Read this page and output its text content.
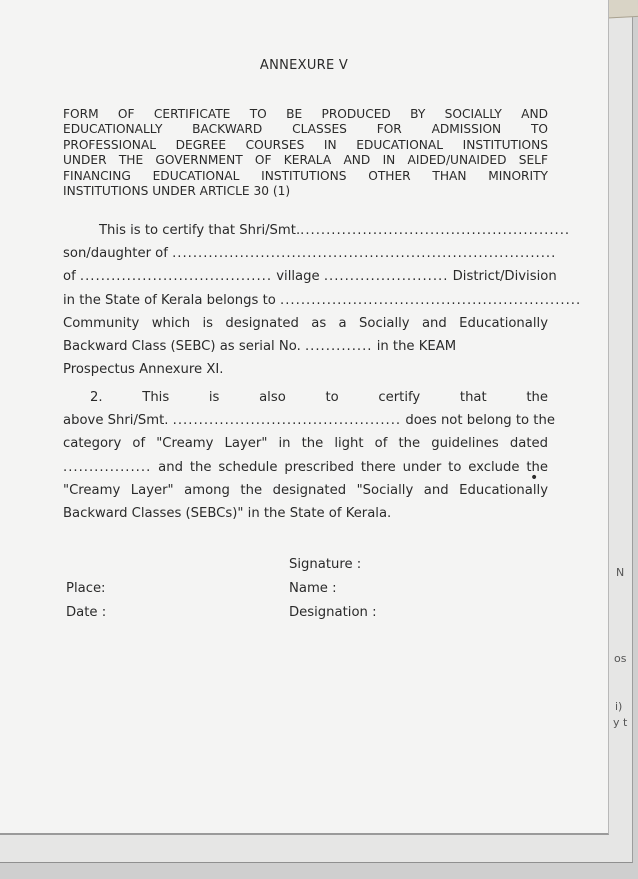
ANNEXURE V
FORM OF CERTIFICATE TO BE PRODUCED BY SOCIALLY AND
EDUCATIONALLY BACKWARD CLASSES FOR ADMISSION TO
PROFESSIONAL DEGREE COURSES IN EDUCATIONAL INSTITUTIONS
UNDER THE GOVERNMENT OF KERALA AND IN AIDED/UNAIDED SELF
FINANCING EDUCATIONAL INSTITUTIONS OTHER THAN MINORITY
INSTITUTIONS UNDER ARTICLE 30 (1)
This is to certify that Shri/Smt.....................................................
son/daughter of ..........................................................................
of ..................................... village ........................ District/Division
in the State of Kerala belongs to ..........................................................
Community which is designated as a Socially and Educationally
Backward Class (SEBC) as serial No. ............. in the KEAM
Prospectus Annexure XI.
2. This is also to certify that the
above Shri/Smt. ............................................ does not belong to the
category of "Creamy Layer" in the light of the guidelines dated
................. and the schedule prescribed there under to exclude the
"Creamy Layer" among the designated "Socially and Educationally
Backward Classes (SEBCs)" in the State of Kerala.
Signature :
Name :
Designation :
Place:
Date :
•
N
os
i)
y t
